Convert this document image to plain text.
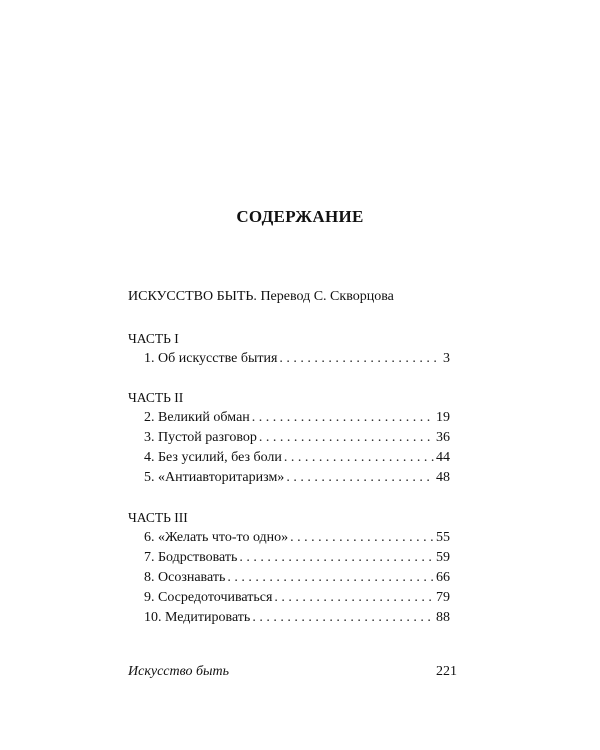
СОДЕРЖАНИЕ
ИСКУССТВО БЫТЬ. Перевод С. Скворцова
ЧАСТЬ I
1. Об искусстве бытия . . .	3
ЧАСТЬ II
2. Великий обман . . .	19
3. Пустой разговор . . .	36
4. Без усилий, без боли . . .	44
5. «Антиавторитаризм» . . .	48
ЧАСТЬ III
6. «Желать что-то одно» . . .	55
7. Бодрствовать . . .	59
8. Осознавать . . .	66
9. Сосредоточиваться . . .	79
10. Медитировать . . .	88
Искусство быть	221
